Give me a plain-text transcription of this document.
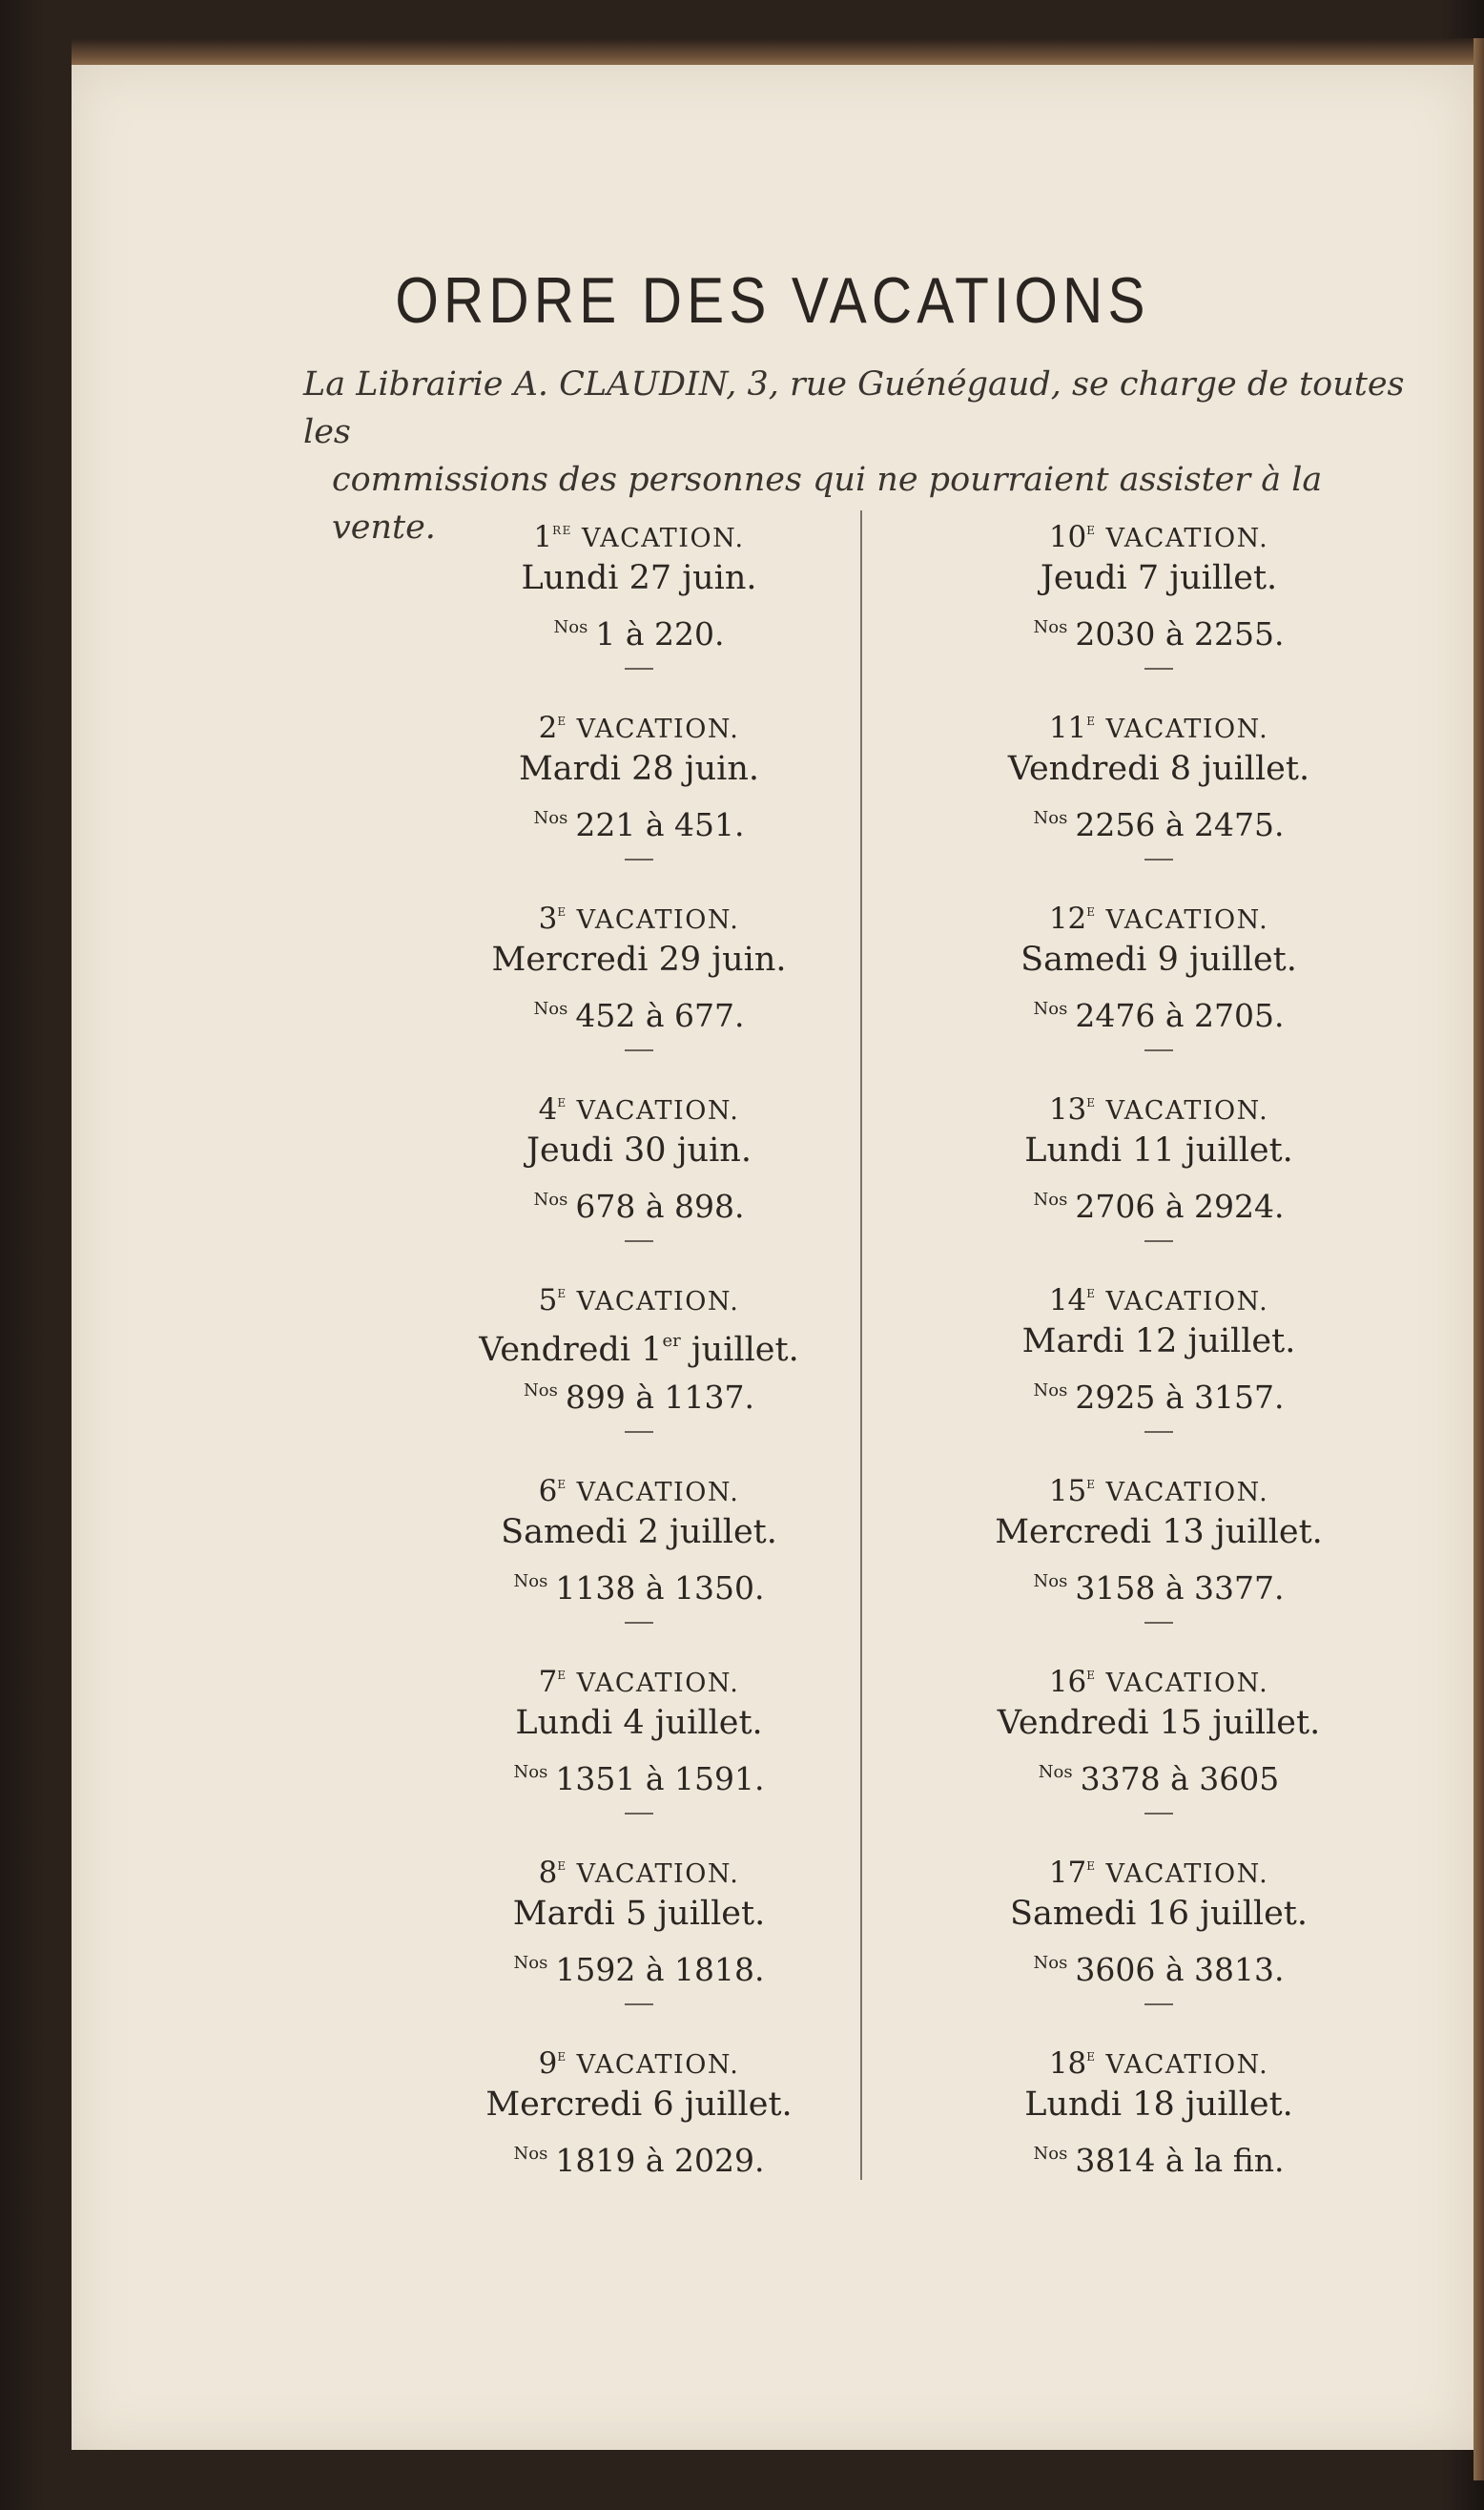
ORDRE DES VACATIONS
La Librairie A. CLAUDIN, 3, rue Guénégaud, se charge de toutes les
commissions des personnes qui ne pourraient assister à la vente.	1re VACATION.
Lundi 27 juin.
$^{Nos}$ 1 à 220.
2e VACATION.
Mardi 28 juin.
$^{Nos}$ 221 à 451.
3e VACATION.
Mercredi 29 juin.
$^{Nos}$ 452 à 677.
4e VACATION.
Jeudi 30 juin.
$^{Nos}$ 678 à 898.
5e VACATION.
Vendredi 1er juillet.
$^{Nos}$ 899 à 1137.
6e VACATION.
Samedi 2 juillet.
$^{Nos}$ 1138 à 1350.
7e VACATION.
Lundi 4 juillet.
$^{Nos}$ 1351 à 1591.
8e VACATION.
Mardi 5 juillet.
$^{Nos}$ 1592 à 1818.
9e VACATION.
Mercredi 6 juillet.
$^{Nos}$ 1819 à 2029.
10e VACATION.
Jeudi 7 juillet.
$^{Nos}$ 2030 à 2255.
11e VACATION.
Vendredi 8 juillet.
$^{Nos}$ 2256 à 2475.
12e VACATION.
Samedi 9 juillet.
$^{Nos}$ 2476 à 2705.
13e VACATION.
Lundi 11 juillet.
$^{Nos}$ 2706 à 2924.
14e VACATION.
Mardi 12 juillet.
$^{Nos}$ 2925 à 3157.
15e VACATION.
Mercredi 13 juillet.
$^{Nos}$ 3158 à 3377.
16e VACATION.
Vendredi 15 juillet.
$^{Nos}$ 3378 à 3605
17e VACATION.
Samedi 16 juillet.
$^{Nos}$ 3606 à 3813.
18e VACATION.
Lundi 18 juillet.
$^{Nos}$ 3814 à la fin.
